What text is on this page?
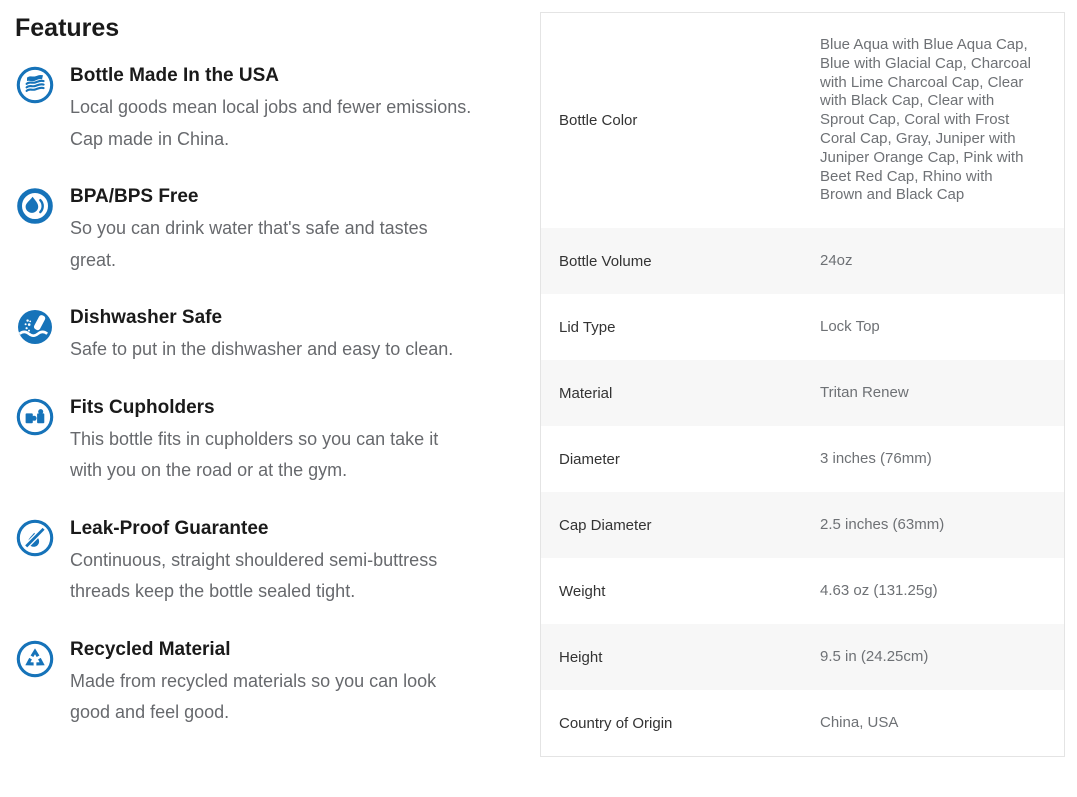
Features
Bottle Made In the USA

Local goods mean local jobs and fewer emissions. Cap made in China.

BPA/BPS Free

So you can drink water that's safe and tastes great.

Dishwasher Safe

Safe to put in the dishwasher and easy to clean.

Fits Cupholders

This bottle fits in cupholders so you can take it with you on the road or at the gym.

Leak-Proof Guarantee

Continuous, straight shouldered semi-buttress threads keep the bottle sealed tight.

Recycled Material

Made from recycled materials so you can look good and feel good.

Bottle Color
Blue Aqua with Blue Aqua Cap, Blue with Glacial Cap, Charcoal with Lime Charcoal Cap, Clear with Black Cap, Clear with Sprout Cap, Coral with Frost Coral Cap, Gray, Juniper with Juniper Orange Cap, Pink with Beet Red Cap, Rhino with Brown and Black Cap
Bottle Volume	24oz
Lid Type	Lock Top
Material	Tritan Renew
Diameter	3 inches (76mm)
Cap Diameter	2.5 inches (63mm)
Weight	4.63 oz (131.25g)
Height	9.5 in (24.25cm)
Country of Origin	China, USA
